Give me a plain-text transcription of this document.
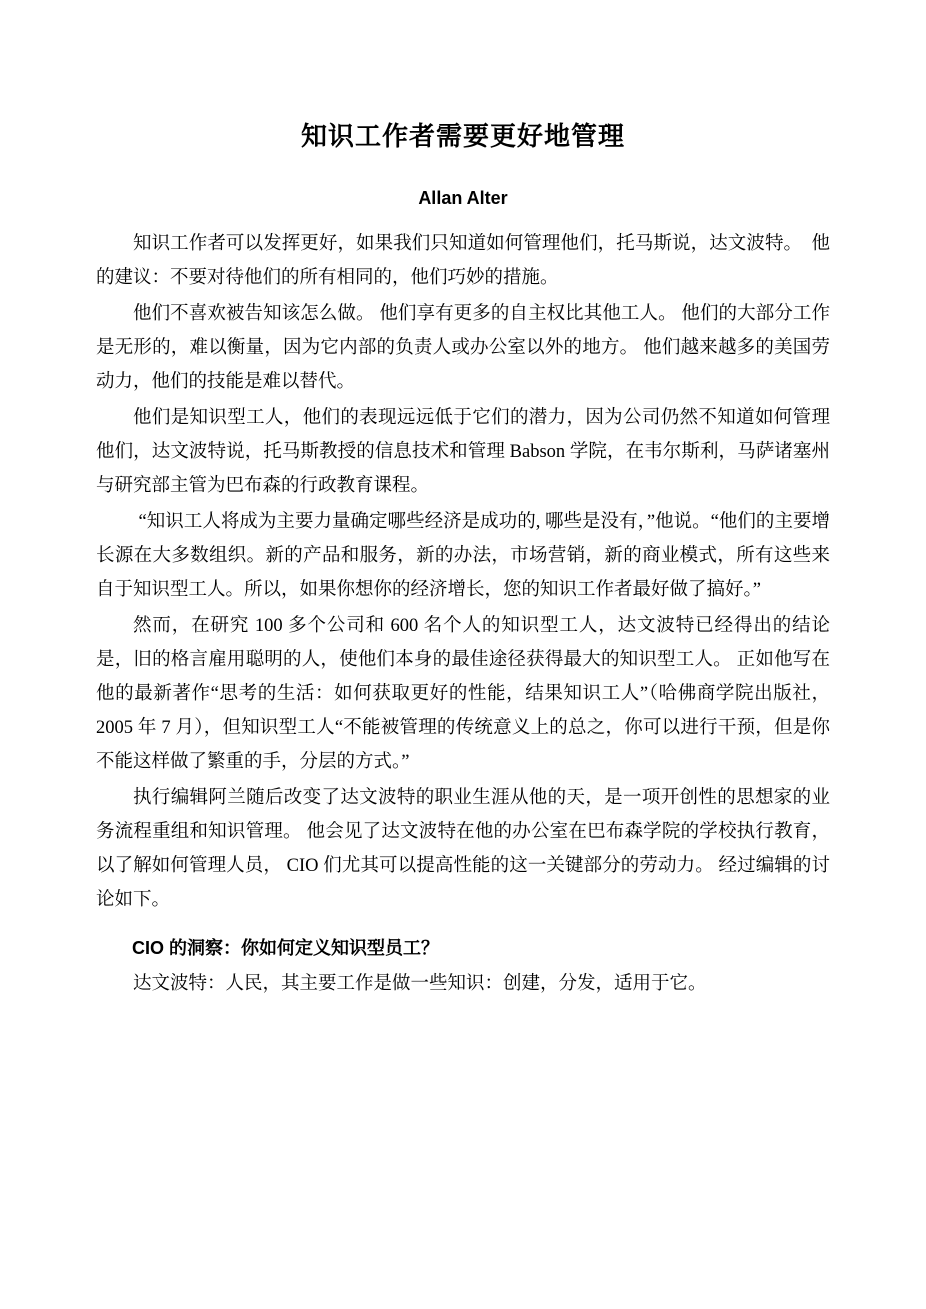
知识工作者需要更好地管理
Allan Alter

知识工作者可以发挥更好，如果我们只知道如何管理他们，托马斯说，达文波特。　他的建议：不要对待他们的所有相同的，他们巧妙的措施。

他们不喜欢被告知该怎么做。 他们享有更多的自主权比其他工人。 他们的大部分工作是无形的，难以衡量，因为它内部的负责人或办公室以外的地方。 他们越来越多的美国劳动力，他们的技能是难以替代。

他们是知识型工人，他们的表现远远低于它们的潜力，因为公司仍然不知道如何管理他们，达文波特说，托马斯教授的信息技术和管理 Babson 学院，在韦尔斯利，马萨诸塞州与研究部主管为巴布森的行政教育课程。

“知识工人将成为主要力量确定哪些经济是成功的, 哪些是没有，”他说。“他们的主要增长源在大多数组织。新的产品和服务，新的办法，市场营销，新的商业模式，所有这些来自于知识型工人。所以，如果你想你的经济增长，您的知识工作者最好做了搞好。”

然而，在研究 100 多个公司和 600 名个人的知识型工人，达文波特已经得出的结论是，旧的格言雇用聪明的人，使他们本身的最佳途径获得最大的知识型工人。 正如他写在他的最新著作“思考的生活：如何获取更好的性能，结果知识工人”（哈佛商学院出版社， 2005 年 7 月），但知识型工人“不能被管理的传统意义上的总之，你可以进行干预，但是你不能这样做了繁重的手，分层的方式。”

执行编辑阿兰随后改变了达文波特的职业生涯从他的天，是一项开创性的思想家的业务流程重组和知识管理。 他会见了达文波特在他的办公室在巴布森学院的学校执行教育，以了解如何管理人员， CIO 们尤其可以提高性能的这一关键部分的劳动力。 经过编辑的讨论如下。

CIO 的洞察：你如何定义知识型员工？

达文波特：人民，其主要工作是做一些知识：创建，分发，适用于它。
